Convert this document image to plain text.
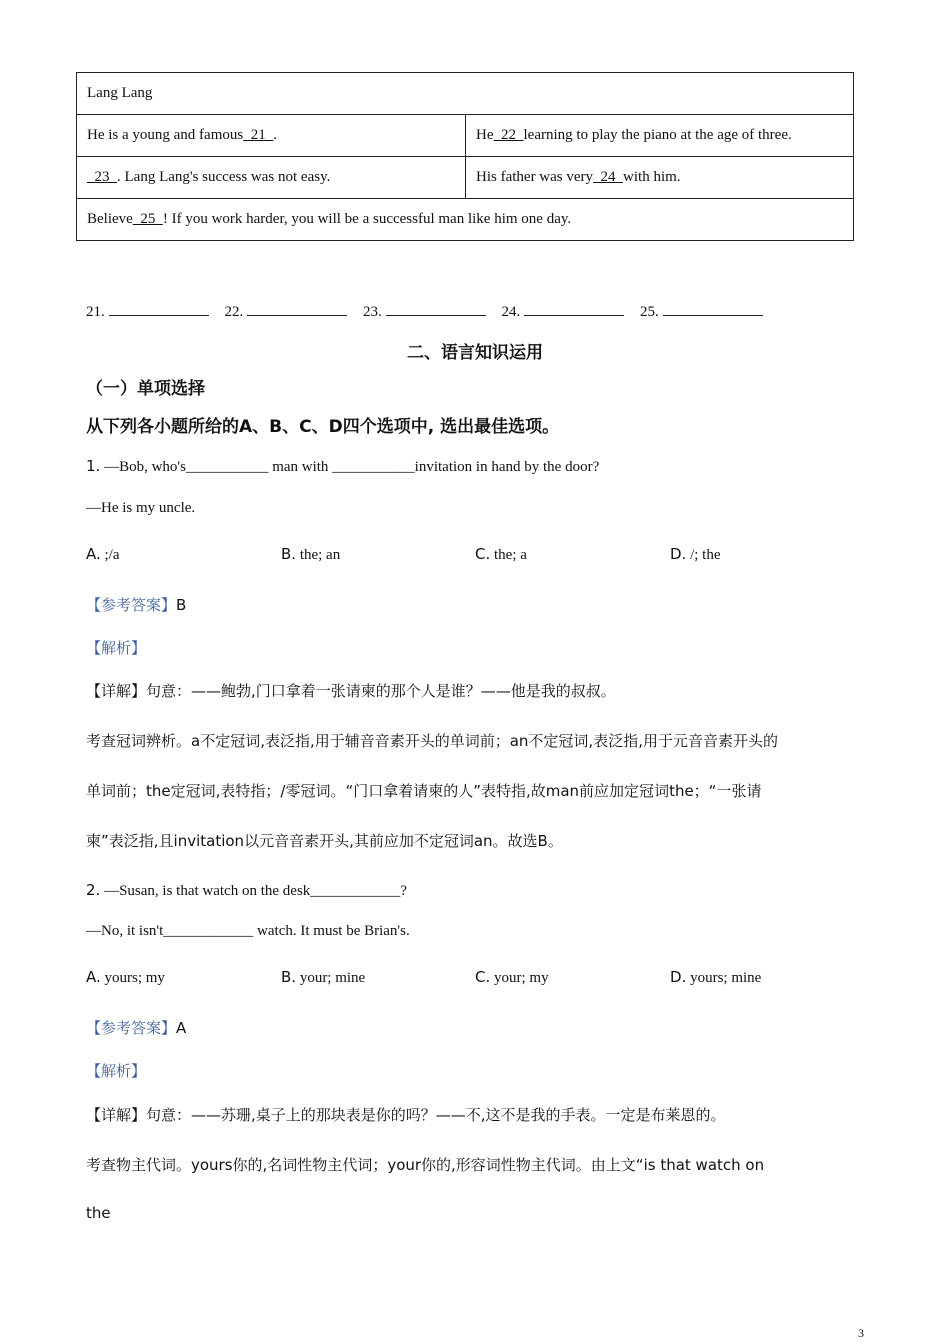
Lang Lang	
He is a young and famous  21  .	He  22  learning to play the piano at the age of three.
23  . Lang Lang's success was not easy.	His father was very  24  with him.
Believe  25  ! If you work harder, you will be a successful man like him one day.	
21.	22.	23.	24.	25.
二、语言知识运用
（一）单项选择
从下列各小题所给的A、B、C、D四个选项中, 选出最佳选项。
1. —Bob, who's___________ man with ___________invitation in hand by the door?
—He is my uncle.
A. ;/a	B. the; an	C. the; a	D. /; the
【参考答案】B
【解析】
【详解】句意：——鲍勃,门口拿着一张请柬的那个人是谁？——他是我的叔叔。
考查冠词辨析。a不定冠词,表泛指,用于辅音音素开头的单词前；an不定冠词,表泛指,用于元音音素开头的
单词前；the定冠词,表特指；/零冠词。“门口拿着请柬的人”表特指,故man前应加定冠词the；“一张请
柬”表泛指,且invitation以元音音素开头,其前应加不定冠词an。故选B。
2. —Susan, is that watch on the desk____________?
—No, it isn't____________ watch. It must be Brian's.
A. yours; my	B. your; mine	C. your; my	D. yours; mine
【参考答案】A
【解析】
【详解】句意：——苏珊,桌子上的那块表是你的吗？——不,这不是我的手表。一定是布莱恩的。
考查物主代词。yours你的,名词性物主代词；your你的,形容词性物主代词。由上文“is that watch on
the
3
